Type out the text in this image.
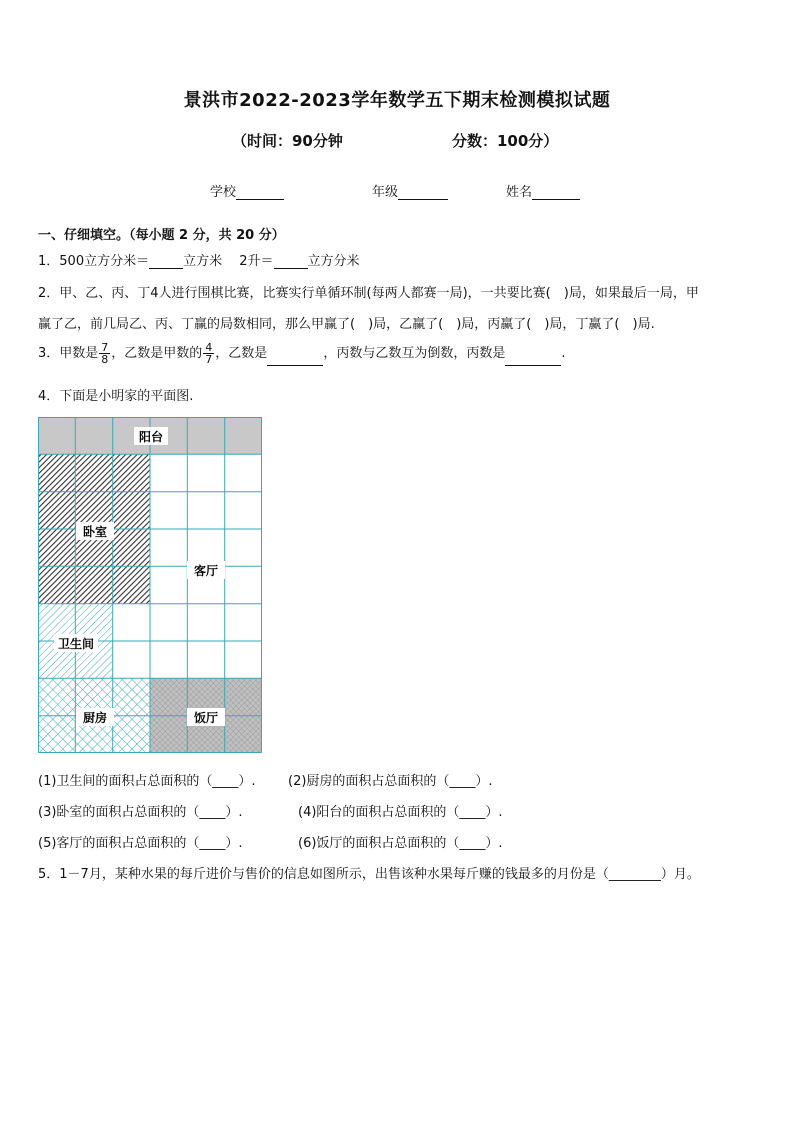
景洪市2022-2023学年数学五下期末检测模拟试题
（时间：90分钟	分数：100分）
学校	年级	姓名
一、仔细填空。（每小题 2 分，共 20 分）
1．500立方分米＝	立方米　 2升＝	立方分米
2．甲、乙、丙、丁4人进行围棋比赛，比赛实行单循环制(每两人都赛一局)，一共要比赛(　)局，如果最后一局，甲
赢了乙，前几局乙、丙、丁赢的局数相同，那么甲赢了(　)局，乙赢了(　)局，丙赢了(　)局，丁赢了(　)局.
3．甲数是 $\frac{7}{8}$ ，乙数是甲数的 $\frac{4}{7}$ ，乙数是	，丙数与乙数互为倒数，丙数是	.
4．下面是小明家的平面图.
阳台
卧室
客厅
卫生间
厨房	饭厅
(1)卫生间的面积占总面积的（____）. (2)厨房的面积占总面积的（____）.
(3)卧室的面积占总面积的（____）.	(4)阳台的面积占总面积的（____）.
(5)客厅的面积占总面积的（____）.	(6)饭厅的面积占总面积的（____）.
5．1－7月，某种水果的每斤进价与售价的信息如图所示，出售该种水果每斤赚的钱最多的月份是（________）月。
